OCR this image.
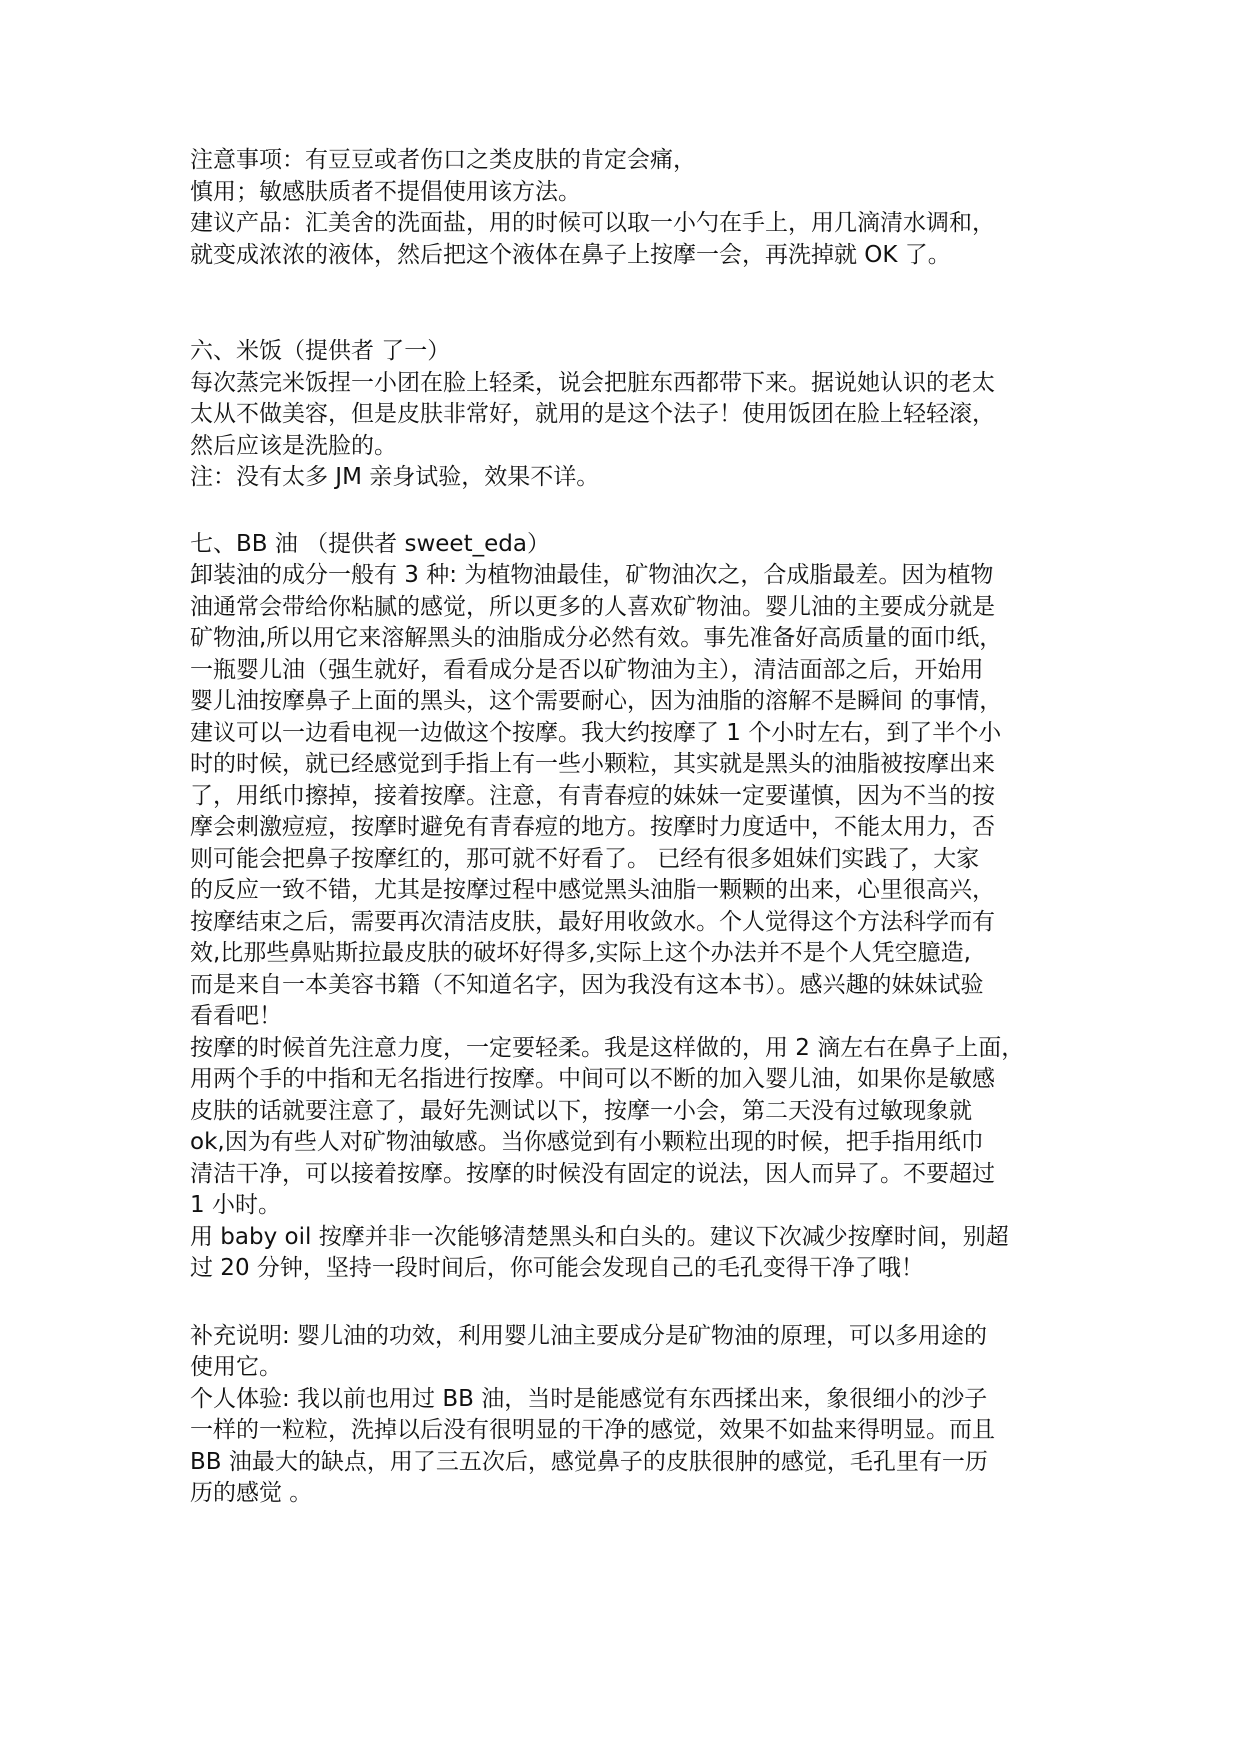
注意事项：有豆豆或者伤口之类皮肤的肯定会痛，
慎用；敏感肤质者不提倡使用该方法。
建议产品：汇美舍的洗面盐，用的时候可以取一小勺在手上，用几滴清水调和，
就变成浓浓的液体，然后把这个液体在鼻子上按摩一会，再洗掉就 OK 了。
六、米饭（提供者 了一）
每次蒸完米饭捏一小团在脸上轻柔，说会把脏东西都带下来。据说她认识的老太
太从不做美容，但是皮肤非常好，就用的是这个法子！使用饭团在脸上轻轻滚，
然后应该是洗脸的。
注：没有太多 JM 亲身试验，效果不详。
七、BB 油 （提供者 sweet_eda）
卸装油的成分一般有 3 种: 为植物油最佳，矿物油次之，合成脂最差。因为植物
油通常会带给你粘腻的感觉，所以更多的人喜欢矿物油。婴儿油的主要成分就是
矿物油,所以用它来溶解黑头的油脂成分必然有效。事先准备好高质量的面巾纸，
一瓶婴儿油（强生就好，看看成分是否以矿物油为主），清洁面部之后，开始用
婴儿油按摩鼻子上面的黑头，这个需要耐心，因为油脂的溶解不是瞬间 的事情，
建议可以一边看电视一边做这个按摩。我大约按摩了 1 个小时左右，到了半个小
时的时候，就已经感觉到手指上有一些小颗粒，其实就是黑头的油脂被按摩出来
了，用纸巾擦掉，接着按摩。注意，有青春痘的妹妹一定要谨慎，因为不当的按
摩会刺激痘痘，按摩时避免有青春痘的地方。按摩时力度适中，不能太用力，否
则可能会把鼻子按摩红的，那可就不好看了。 已经有很多姐妹们实践了，大家
的反应一致不错，尤其是按摩过程中感觉黑头油脂一颗颗的出来，心里很高兴，
按摩结束之后，需要再次清洁皮肤，最好用收敛水。个人觉得这个方法科学而有
效,比那些鼻贴斯拉最皮肤的破坏好得多,实际上这个办法并不是个人凭空臆造,
而是来自一本美容书籍（不知道名字，因为我没有这本书）。感兴趣的妹妹试验
看看吧！
按摩的时候首先注意力度，一定要轻柔。我是这样做的，用 2 滴左右在鼻子上面，
用两个手的中指和无名指进行按摩。中间可以不断的加入婴儿油，如果你是敏感
皮肤的话就要注意了，最好先测试以下，按摩一小会，第二天没有过敏现象就
ok,因为有些人对矿物油敏感。当你感觉到有小颗粒出现的时候，把手指用纸巾
清洁干净，可以接着按摩。按摩的时候没有固定的说法，因人而异了。不要超过
1 小时。
用 baby oil 按摩并非一次能够清楚黑头和白头的。建议下次减少按摩时间，别超
过 20 分钟，坚持一段时间后，你可能会发现自己的毛孔变得干净了哦！
补充说明: 婴儿油的功效，利用婴儿油主要成分是矿物油的原理，可以多用途的
使用它。
个人体验: 我以前也用过 BB 油，当时是能感觉有东西揉出来，象很细小的沙子
一样的一粒粒，洗掉以后没有很明显的干净的感觉，效果不如盐来得明显。而且
BB 油最大的缺点，用了三五次后，感觉鼻子的皮肤很肿的感觉，毛孔里有一历
历的感觉 。
